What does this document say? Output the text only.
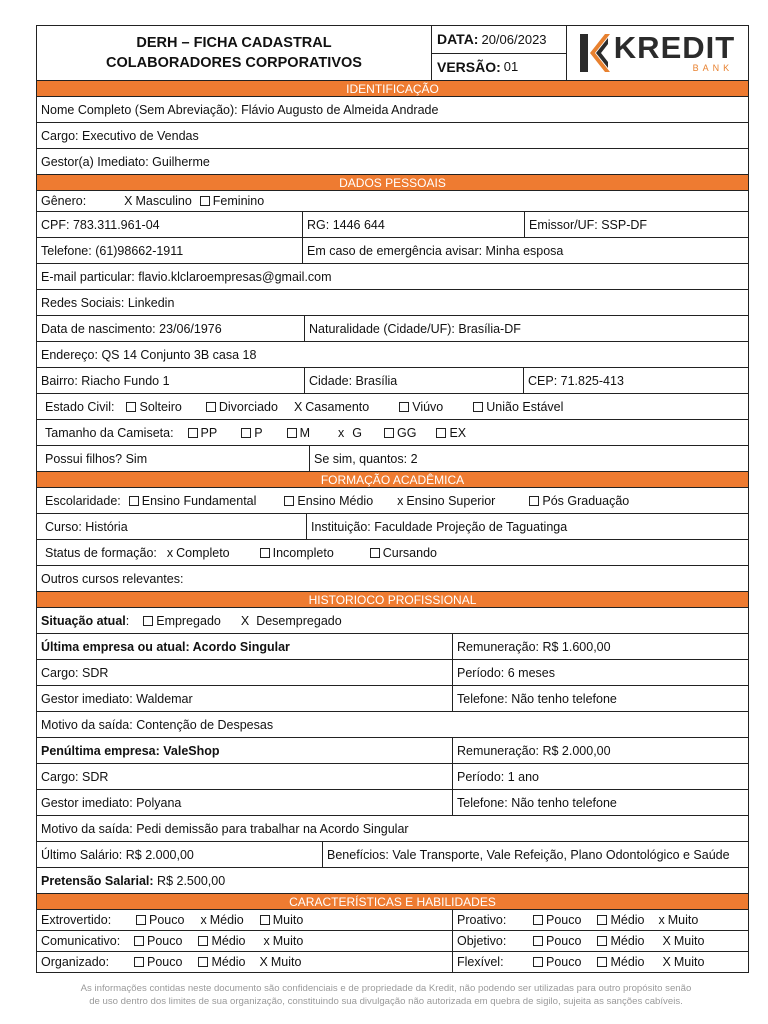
DERH – FICHA CADASTRAL
COLABORADORES CORPORATIVOS
DATA: 20/06/2023
VERSÃO: 01
KREDIT
BANK
IDENTIFICAÇÃO
Nome Completo (Sem Abreviação): Flávio Augusto de Almeida Andrade
Cargo: Executivo de Vendas
Gestor(a) Imediato: Guilherme
DADOS PESSOAIS
Gênero:	X Masculino Feminino
CPF: 783.311.961-04	RG: 1446 644	Emissor/UF: SSP-DF
Telefone: (61)98662-1911	Em caso de emergência avisar: Minha esposa
E-mail particular: flavio.klclaroempresas@gmail.com
Redes Sociais: Linkedin
Data de nascimento: 23/06/1976	Naturalidade (Cidade/UF): Brasília-DF
Endereço: QS 14 Conjunto 3B casa 18
Bairro: Riacho Fundo 1	Cidade: Brasília	CEP: 71.825-413
Estado Civil: Solteiro	Divorciado X Casamento	Viúvo	União Estável
Tamanho da Camiseta: PP	P	M x G	GG	EX
Possui filhos? Sim	Se sim, quantos: 2
FORMAÇÃO ACADÊMICA
Escolaridade: Ensino Fundamental	Ensino Médio x Ensino Superior	Pós Graduação
Curso: História	Instituição: Faculdade Projeção de Taguatinga
Status de formação: x Completo	Incompleto	Cursando
Outros cursos relevantes:
HISTORIOCO PROFISSIONAL
Situação atual : Empregado X Desempregado
Última empresa ou atual: Acordo Singular	Remuneração: R$ 1.600,00
Cargo: SDR	Período: 6 meses
Gestor imediato: Waldemar	Telefone: Não tenho telefone
Motivo da saída: Contenção de Despesas
Penúltima empresa: ValeShop	Remuneração: R$ 2.000,00
Cargo: SDR	Período: 1 ano
Gestor imediato: Polyana	Telefone: Não tenho telefone
Motivo da saída: Pedi demissão para trabalhar na Acordo Singular
Último Salário: R$ 2.000,00	Benefícios: Vale Transporte, Vale Refeição, Plano Odontológico e Saúde
Pretensão Salarial: R$ 2.500,00
CARACTERÍSTICAS E HABILIDADES
Extrovertido:	Pouco x Médio Muito	Proativo:	Pouco Médio x Muito
Comunicativo:	Pouco Médio x Muito	Objetivo:	Pouco Médio X Muito
Organizado:	Pouco Médio X Muito	Flexível:	Pouco Médio X Muito
As informações contidas neste documento são confidenciais e de propriedade da Kredit, não podendo ser utilizadas para outro propósito senão
de uso dentro dos limites de sua organização, constituindo sua divulgação não autorizada em quebra de sigilo, sujeita as sanções cabíveis.
